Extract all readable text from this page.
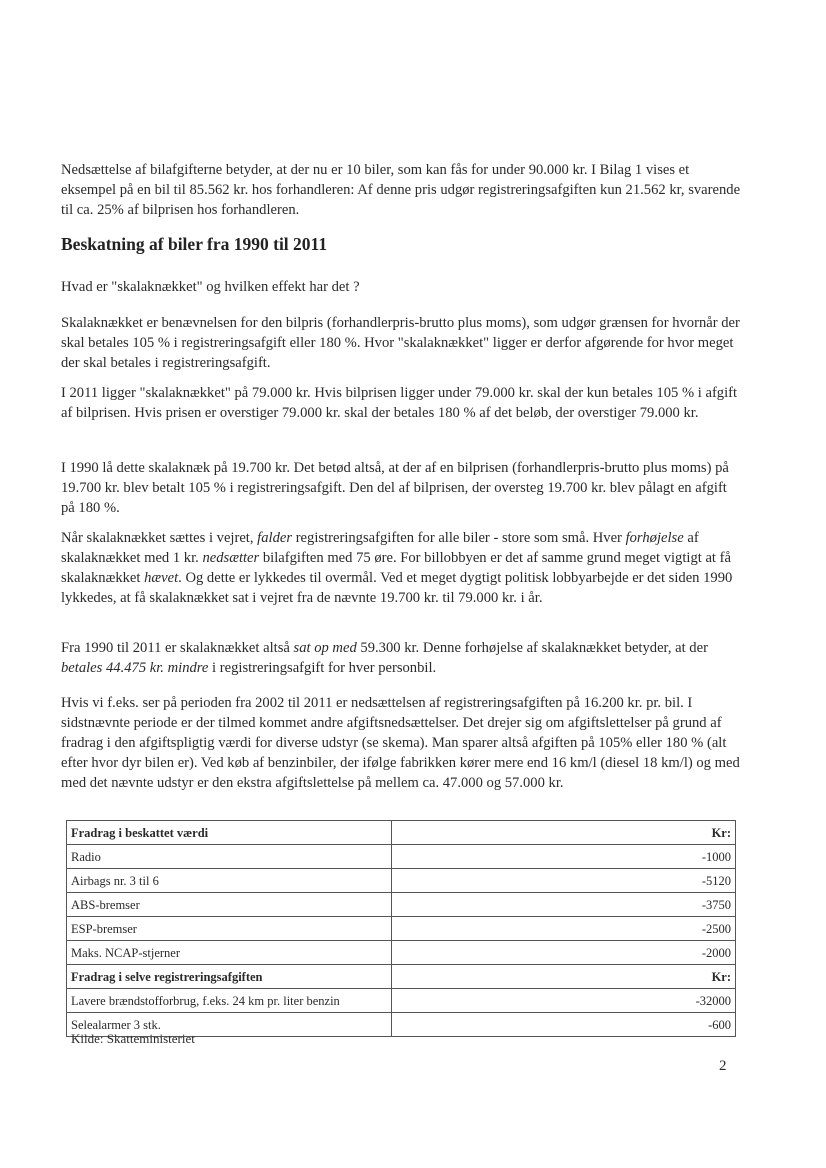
Nedsættelse af bilafgifterne betyder, at der nu er 10 biler, som kan fås for under 90.000 kr. I Bilag 1 vises et eksempel på en bil til 85.562 kr. hos forhandleren: Af denne pris udgør registreringsafgiften kun 21.562 kr, svarende til ca. 25% af bilprisen hos forhandleren.

Beskatning af biler fra 1990 til 2011

Hvad er "skalaknækket" og hvilken effekt har det ?

Skalaknækket er benævnelsen for den bilpris (forhandlerpris-brutto plus moms), som udgør grænsen for hvornår der skal betales 105 % i registreringsafgift eller 180 %. Hvor "skalaknækket" ligger er derfor afgørende for hvor meget der skal betales i registreringsafgift.

I 2011 ligger "skalaknækket" på 79.000 kr. Hvis bilprisen ligger under 79.000 kr. skal der kun betales 105 % i afgift af bilprisen. Hvis prisen er overstiger 79.000 kr. skal der betales 180 % af det beløb, der overstiger 79.000 kr.

I 1990 lå dette skalaknæk på 19.700 kr. Det betød altså, at der af en bilprisen (forhandlerpris-brutto plus moms) på 19.700 kr. blev betalt 105 % i registreringsafgift. Den del af bilprisen, der oversteg 19.700 kr. blev pålagt en afgift på 180 %.

Når skalaknækket sættes i vejret, falder registreringsafgiften for alle biler - store som små. Hver forhøjelse af skalaknækket med 1 kr. nedsætter bilafgiften med 75 øre. For billobbyen er det af samme grund meget vigtigt at få skalaknækket hævet. Og dette er lykkedes til overmål. Ved et meget dygtigt politisk lobbyarbejde er det siden 1990 lykkedes, at få skalaknækket sat i vejret fra de nævnte 19.700 kr. til 79.000 kr. i år.

Fra 1990 til 2011 er skalaknækket altså sat op med 59.300 kr. Denne forhøjelse af skalaknækket betyder, at der betales 44.475 kr. mindre i registreringsafgift for hver personbil.

Hvis vi f.eks. ser på perioden fra 2002 til 2011 er nedsættelsen af registreringsafgiften på 16.200 kr. pr. bil. I sidstnævnte periode er der tilmed kommet andre afgiftsnedsættelser. Det drejer sig om afgiftslettelser på grund af fradrag i den afgiftspligtig værdi for diverse udstyr (se skema). Man sparer altså afgiften på 105% eller 180 % (alt efter hvor dyr bilen er). Ved køb af benzinbiler, der ifølge fabrikken kører mere end 16 km/l (diesel 18 km/l) og med med det nævnte udstyr er den ekstra afgiftslettelse på mellem ca. 47.000 og 57.000 kr.

Fradrag i beskattet værdi	Kr:
Radio	-1000
Airbags nr. 3 til 6	-5120
ABS-bremser	-3750
ESP-bremser	-2500
Maks. NCAP-stjerner	-2000
Fradrag i selve registreringsafgiften	Kr:
Lavere brændstofforbrug, f.eks. 24 km pr. liter benzin	-32000
Selealarmer 3 stk.	-600
Kilde: Skatteministeriet
2
